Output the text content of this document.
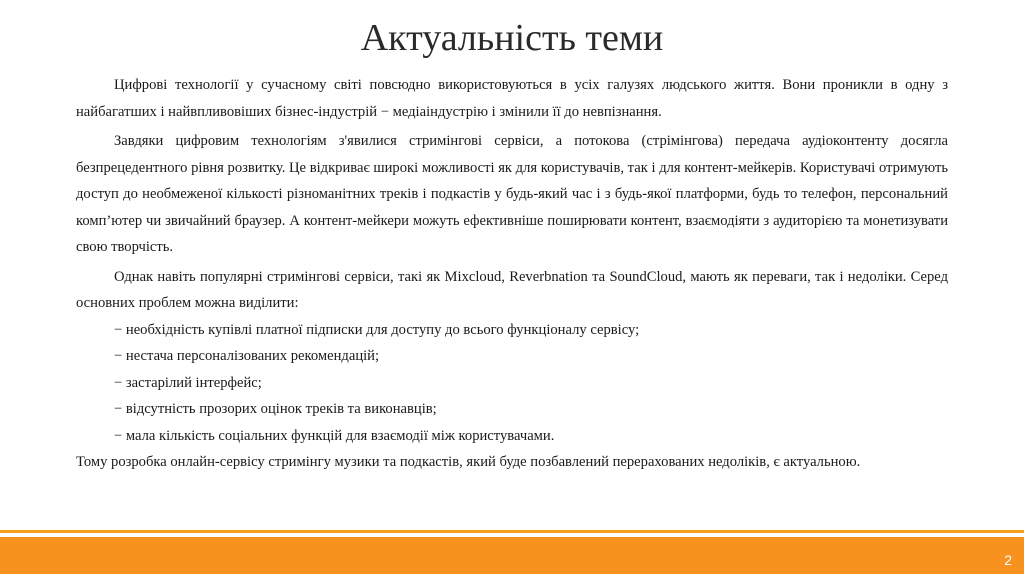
Актуальність теми

Цифрові технології у сучасному світі повсюдно використовуються в усіх галузях людського життя. Вони проникли в одну з найбагатших і найвпливовіших бізнес-індустрій − медіаіндустрію і змінили її до невпізнання.

Завдяки цифровим технологіям з'явилися стримінгові сервіси, а потокова (стрімінгова) передача аудіоконтенту досягла безпрецедентного рівня розвитку. Це відкриває широкі можливості як для користувачів, так і для контент-мейкерів. Користувачі отримують доступ до необмеженої кількості різноманітних треків і подкастів у будь-який час і з будь-якої платформи, будь то телефон, персональний комп’ютер чи звичайний браузер. А контент-мейкери можуть ефективніше поширювати контент, взаємодіяти з аудиторією та монетизувати свою творчість.

Однак навіть популярні стримінгові сервіси, такі як Mixcloud, Reverbnation та SoundCloud, мають як переваги, так і недоліки. Серед основних проблем можна виділити:

− необхідність купівлі платної підписки для доступу до всього функціоналу сервісу;
− нестача персоналізованих рекомендацій;
− застарілий інтерфейс;
− відсутність прозорих оцінок треків та виконавців;
− мала кількість соціальних функцій для взаємодії між користувачами.

Тому розробка онлайн-сервісу стримінгу музики та подкастів, який буде позбавлений перерахованих недоліків, є актуальною.

2
